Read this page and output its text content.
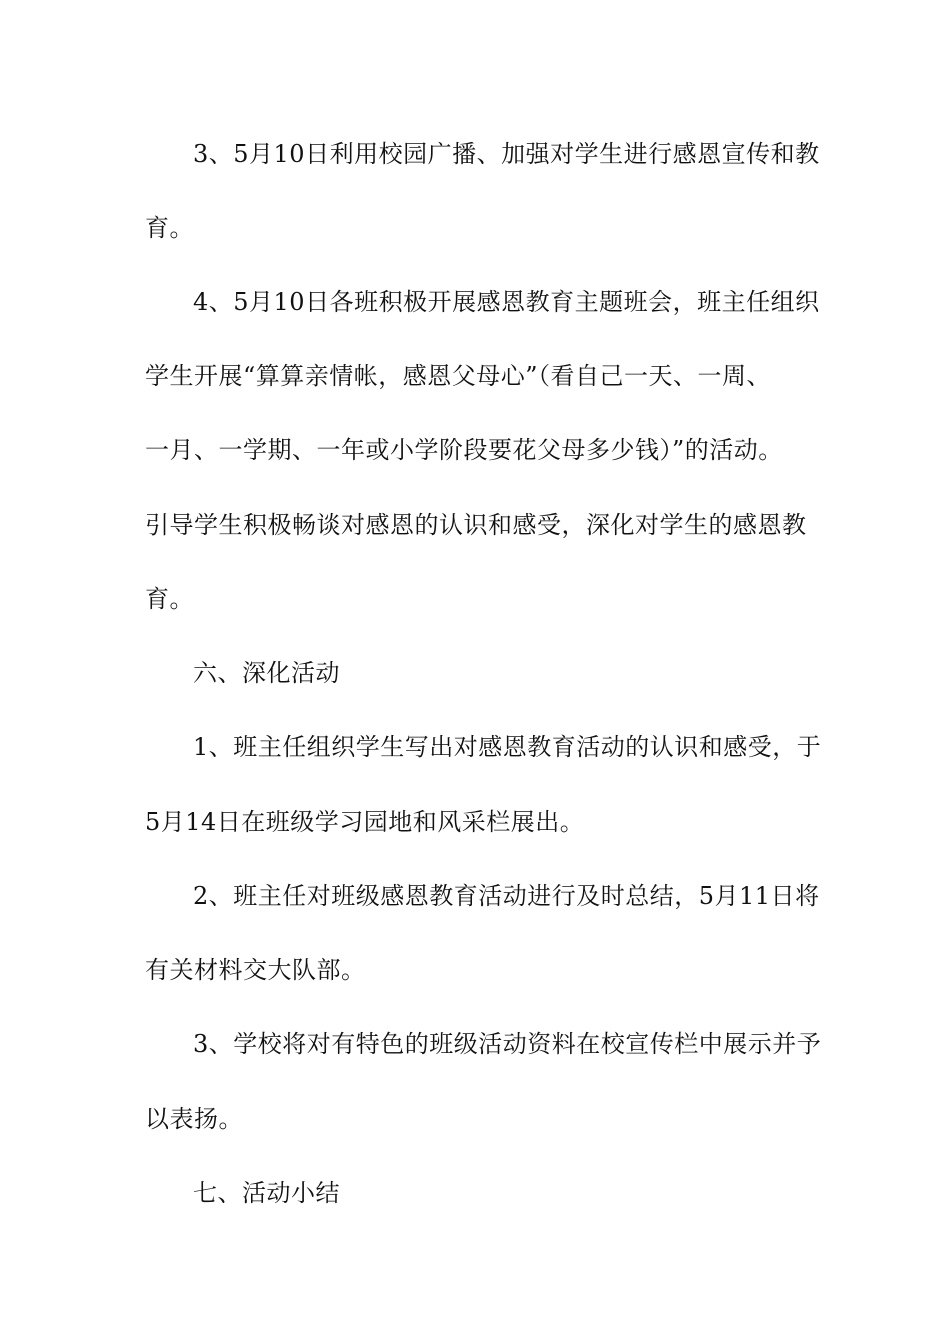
3、5月10日利用校园广播、加强对学生进行感恩宣传和教
育。
4、5月10日各班积极开展感恩教育主题班会，班主任组织
学生开展“算算亲情帐，感恩父母心”（看自己一天、一周、
一月、一学期、一年或小学阶段要花父母多少钱）”的活动。
引导学生积极畅谈对感恩的认识和感受，深化对学生的感恩教
育。
六、深化活动
1、班主任组织学生写出对感恩教育活动的认识和感受，于
5月14日在班级学习园地和风采栏展出。
2、班主任对班级感恩教育活动进行及时总结，5月11日将
有关材料交大队部。
3、学校将对有特色的班级活动资料在校宣传栏中展示并予
以表扬。
七、活动小结
